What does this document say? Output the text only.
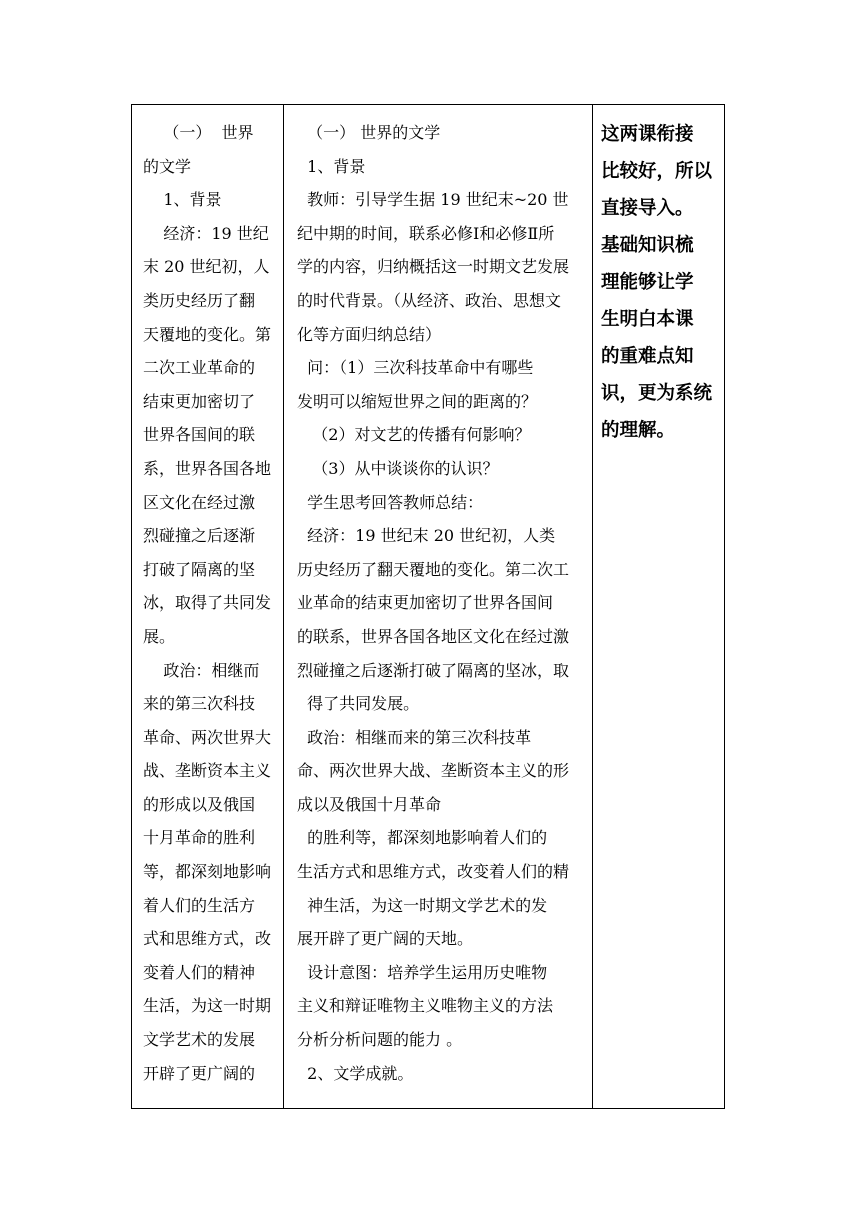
（一）  世界
的文学
1、背景
经济：19 世纪
末 20 世纪初，人
类历史经历了翻
天覆地的变化。第
二次工业革命的
结束更加密切了
世界各国间的联
系，世界各国各地
区文化在经过激
烈碰撞之后逐渐
打破了隔离的坚
冰，取得了共同发
展。
政治：相继而
来的第三次科技
革命、两次世界大
战、垄断资本主义
的形成以及俄国
十月革命的胜利
等，都深刻地影响
着人们的生活方
式和思维方式，改
变着人们的精神
生活，为这一时期
文学艺术的发展
开辟了更广阔的
（一） 世界的文学
1、背景
教师：引导学生据 19 世纪末~20 世
纪中期的时间，联系必修Ⅰ和必修Ⅱ所
学的内容，归纳概括这一时期文艺发展
的时代背景。（从经济、政治、思想文
化等方面归纳总结）
问：（1）三次科技革命中有哪些
发明可以缩短世界之间的距离的？
（2）对文艺的传播有何影响？
（3）从中谈谈你的认识？
学生思考回答教师总结：
经济：19 世纪末 20 世纪初，人类
历史经历了翻天覆地的变化。第二次工
业革命的结束更加密切了世界各国间
的联系，世界各国各地区文化在经过激
烈碰撞之后逐渐打破了隔离的坚冰，取
得了共同发展。
政治：相继而来的第三次科技革
命、两次世界大战、垄断资本主义的形
成以及俄国十月革命
的胜利等，都深刻地影响着人们的
生活方式和思维方式，改变着人们的精
神生活，为这一时期文学艺术的发
展开辟了更广阔的天地。
设计意图：培养学生运用历史唯物
主义和辩证唯物主义唯物主义的方法
分析分析问题的能力 。
2、文学成就。
这两课衔接
比较好，所以
直接导入。
基础知识梳
理能够让学
生明白本课
的重难点知
识，更为系统
的理解。
